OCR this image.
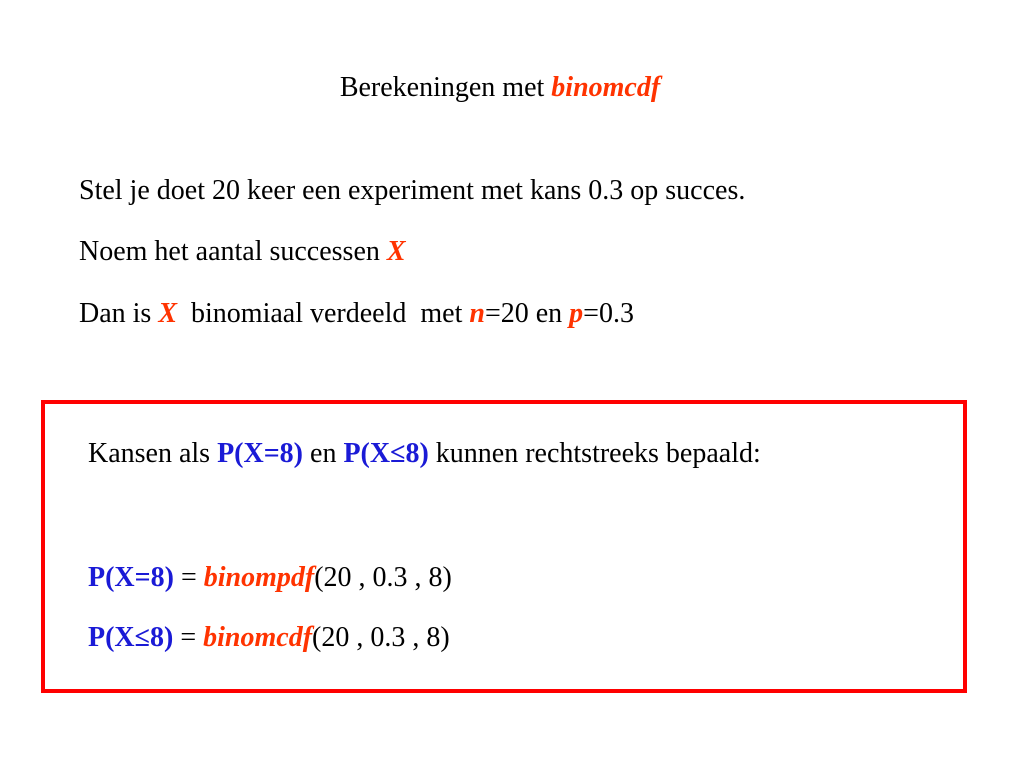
Berekeningen met binomcdf
Stel je doet 20 keer een experiment met kans 0.3 op succes.
Noem het aantal successen X
Dan is X  binomiaal verdeeld  met n=20 en p=0.3
Kansen als P(X=8) en P(X≤8) kunnen rechtstreeks bepaald:
P(X=8) = binompdf(20 , 0.3 , 8)
P(X≤8) = binomcdf(20 , 0.3 , 8)
